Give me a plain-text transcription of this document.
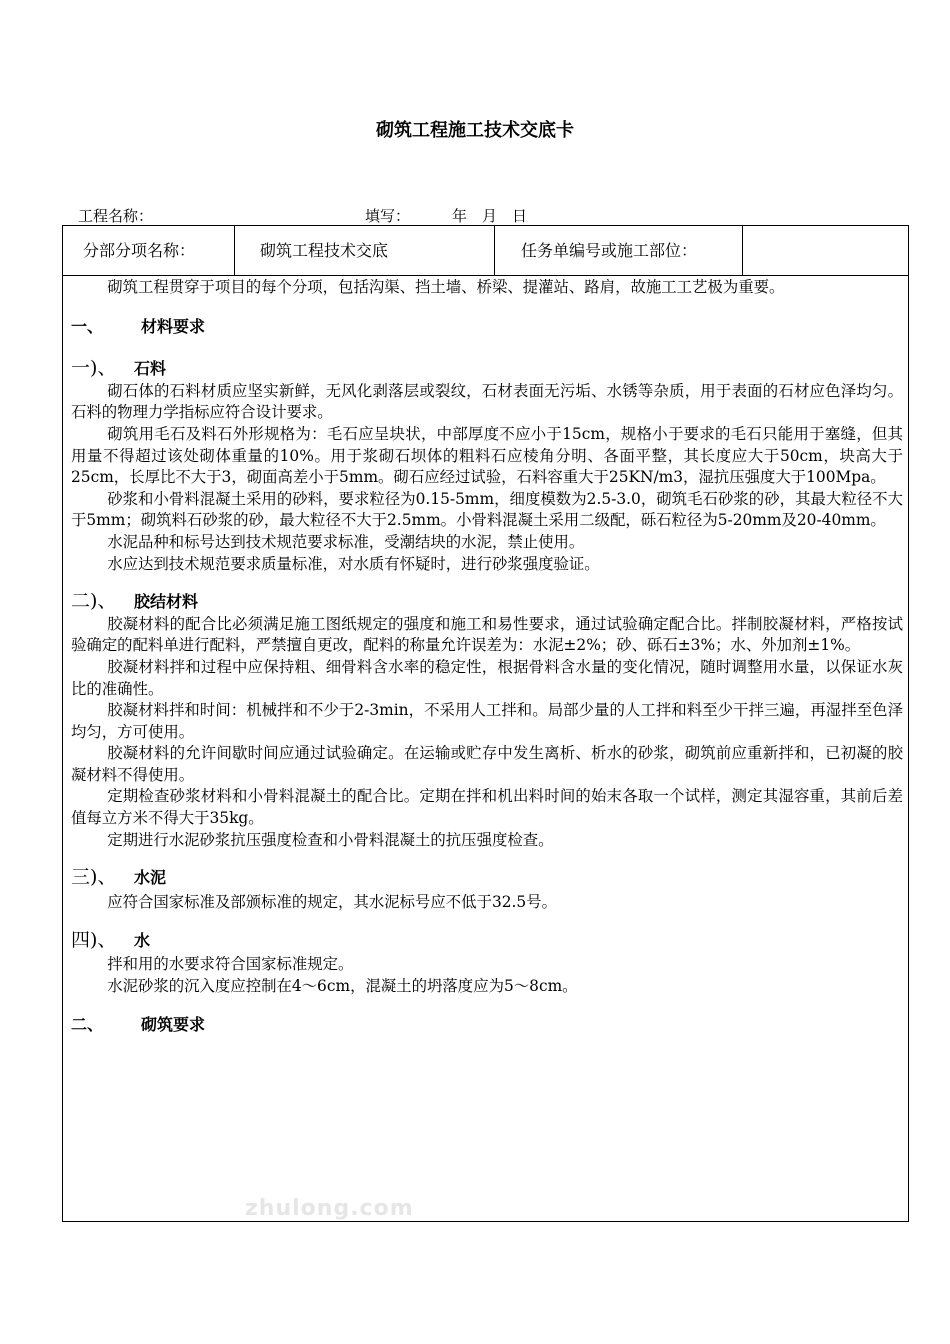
砌筑工程施工技术交底卡
工程名称：	填写：	年　月　日
分部分项名称：	砌筑工程技术交底	任务单编号或施工部位：

砌筑工程贯穿于项目的每个分项，包括沟渠、挡土墙、桥梁、提灌站、路肩，故施工工艺极为重要。

一、 材料要求
一)、 石料

砌石体的石料材质应坚实新鲜，无风化剥落层或裂纹，石材表面无污垢、水锈等杂质，用于表面的石材应色泽均匀。石料的物理力学指标应符合设计要求。

砌筑用毛石及料石外形规格为：毛石应呈块状，中部厚度不应小于15cm，规格小于要求的毛石只能用于塞缝，但其用量不得超过该处砌体重量的10%。用于浆砌石坝体的粗料石应棱角分明、各面平整，其长度应大于50cm，块高大于25cm，长厚比不大于3，砌面高差小于5mm。砌石应经过试验，石料容重大于25KN/m3，湿抗压强度大于100Mpa。

砂浆和小骨料混凝土采用的砂料，要求粒径为0.15-5mm，细度模数为2.5-3.0，砌筑毛石砂浆的砂，其最大粒径不大于5mm；砌筑料石砂浆的砂，最大粒径不大于2.5mm。小骨料混凝土采用二级配，砾石粒径为5-20mm及20-40mm。

水泥品种和标号达到技术规范要求标准，受潮结块的水泥，禁止使用。

水应达到技术规范要求质量标准，对水质有怀疑时，进行砂浆强度验证。

二)、 胶结材料

胶凝材料的配合比必须满足施工图纸规定的强度和施工和易性要求，通过试验确定配合比。拌制胶凝材料，严格按试验确定的配料单进行配料，严禁擅自更改，配料的称量允许误差为：水泥±2%；砂、砾石±3%；水、外加剂±1%。

胶凝材料拌和过程中应保持粗、细骨料含水率的稳定性，根据骨料含水量的变化情况，随时调整用水量，以保证水灰比的准确性。

胶凝材料拌和时间：机械拌和不少于2-3min，不采用人工拌和。局部少量的人工拌和料至少干拌三遍，再湿拌至色泽均匀，方可使用。

胶凝材料的允许间歇时间应通过试验确定。在运输或贮存中发生离析、析水的砂浆，砌筑前应重新拌和，已初凝的胶凝材料不得使用。

定期检查砂浆材料和小骨料混凝土的配合比。定期在拌和机出料时间的始末各取一个试样，测定其湿容重，其前后差值每立方米不得大于35kg。

定期进行水泥砂浆抗压强度检查和小骨料混凝土的抗压强度检查。

三)、 水泥

应符合国家标准及部颁标准的规定，其水泥标号应不低于32.5号。

四)、 水

拌和用的水要求符合国家标准规定。

水泥砂浆的沉入度应控制在4～6cm，混凝土的坍落度应为5～8cm。

二、 砌筑要求
zhulong.com
